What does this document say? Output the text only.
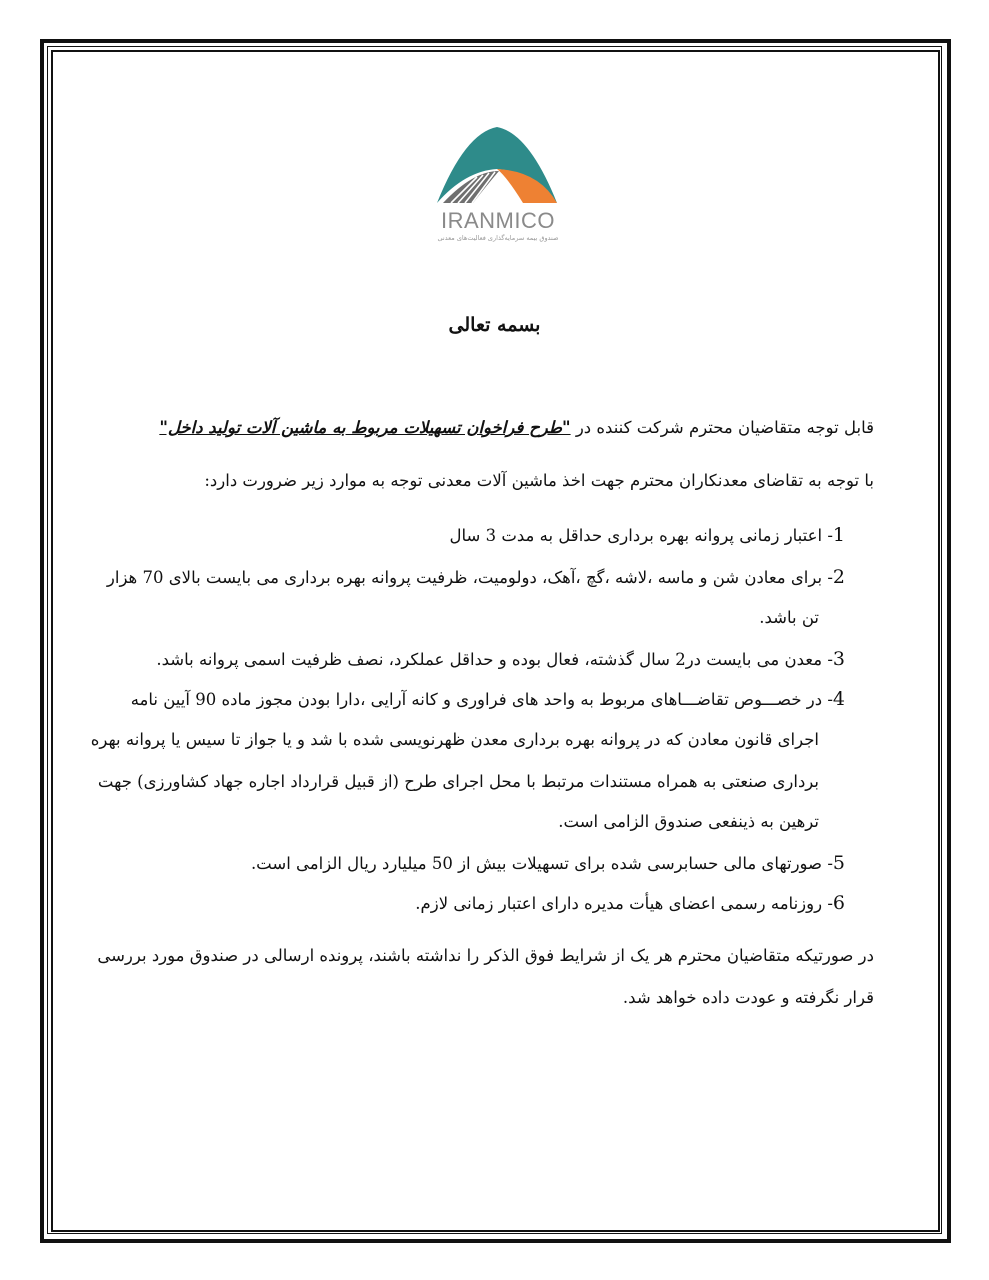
IRANMICO
صندوق بیمه سرمایه‌گذاری فعالیت‌های معدنی
بسمه تعالی
قابل توجه متقاضیان محترم شرکت کننده در "طرح فراخوان تسهیلات مربوط به ماشین آلات تولید داخل"
با توجه به تقاضای معدنکاران محترم جهت اخذ ماشین آلات معدنی توجه به موارد زیر ضرورت دارد:
1- اعتبار زمانی پروانه بهره برداری حداقل به مدت 3 سال
2- برای معادن شن و ماسه ،لاشه ،گچ ،آهک، دولومیت، ظرفیت پروانه بهره برداری می بایست بالای 70 هزار
تن باشد.
3- معدن می بایست در2 سال گذشته، فعال بوده و حداقل عملکرد، نصف ظرفیت اسمی پروانه باشد.
4- در خصـــوص تقاضـــاهای مربوط به واحد های فراوری و کانه آرایی ،دارا بودن مجوز ماده 90 آیین نامه
اجرای قانون معادن که در پروانه بهره برداری معدن ظهرنویسی شده با شد و یا جواز تا سیس یا پروانه بهره
برداری صنعتی به همراه مستندات مرتبط با محل اجرای طرح (از قبیل قرارداد اجاره جهاد کشاورزی) جهت
ترهین به ذینفعی صندوق الزامی است.
5- صورتهای مالی حسابرسی شده برای تسهیلات بیش از 50 میلیارد ریال الزامی است.
6- روزنامه رسمی اعضای هیأت مدیره دارای اعتبار زمانی لازم.
در صورتیکه متقاضیان محترم هر یک از شرایط فوق الذکر را نداشته باشند، پرونده ارسالی در صندوق مورد بررسی
قرار نگرفته و عودت داده خواهد شد.
